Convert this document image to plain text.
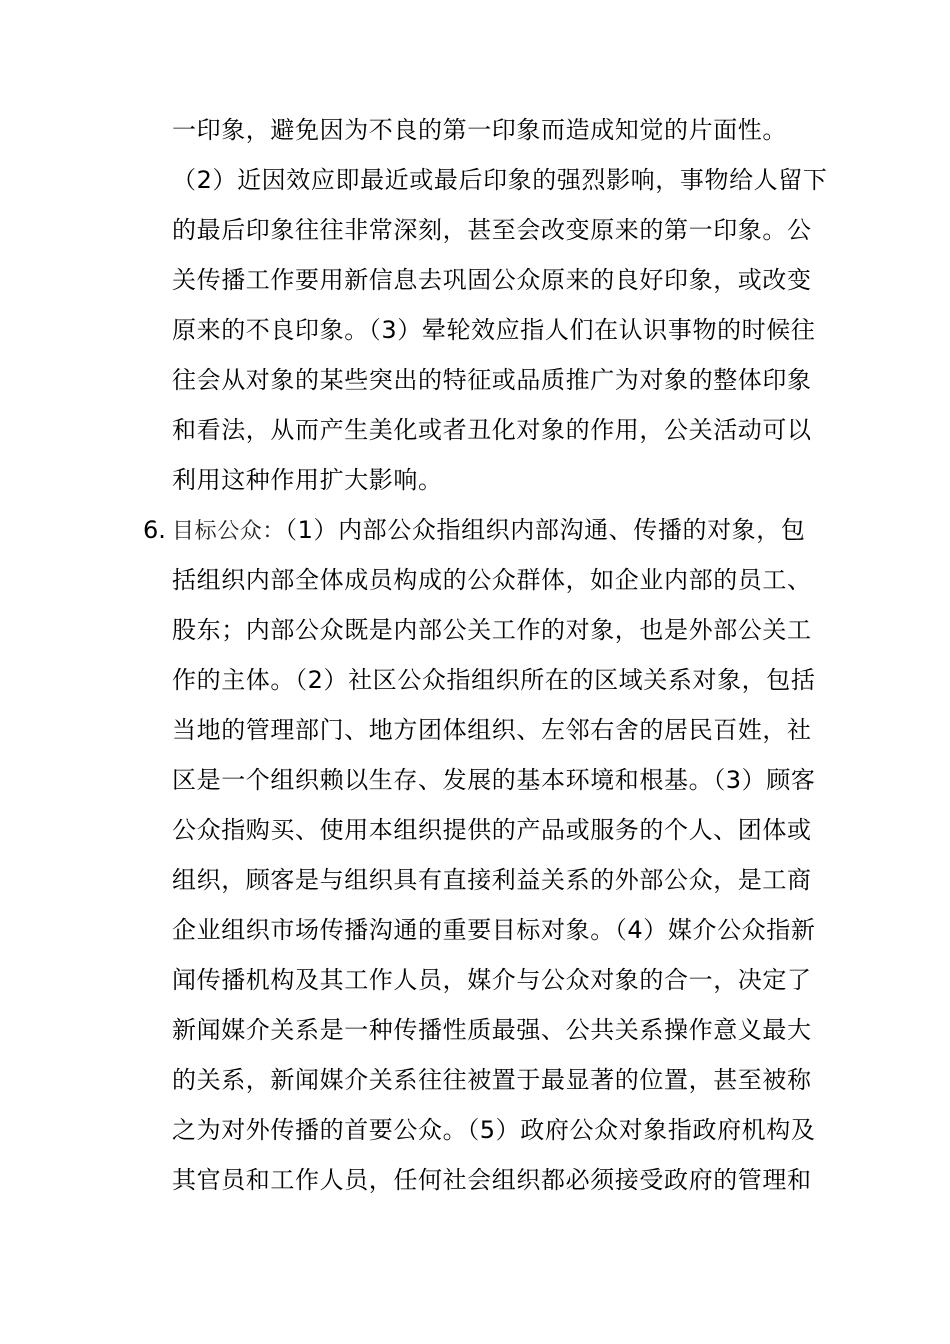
一印象，避免因为不良的第一印象而造成知觉的片面性。
（2）近因效应即最近或最后印象的强烈影响，事物给人留下
的最后印象往往非常深刻，甚至会改变原来的第一印象。公
关传播工作要用新信息去巩固公众原来的良好印象，或改变
原来的不良印象。（3）晕轮效应指人们在认识事物的时候往
往会从对象的某些突出的特征或品质推广为对象的整体印象
和看法，从而产生美化或者丑化对象的作用，公关活动可以
利用这种作用扩大影响。
6. 目标公众：（1）内部公众指组织内部沟通、传播的对象，包
括组织内部全体成员构成的公众群体，如企业内部的员工、
股东；内部公众既是内部公关工作的对象，也是外部公关工
作的主体。（2）社区公众指组织所在的区域关系对象，包括
当地的管理部门、地方团体组织、左邻右舍的居民百姓，社
区是一个组织赖以生存、发展的基本环境和根基。（3）顾客
公众指购买、使用本组织提供的产品或服务的个人、团体或
组织，顾客是与组织具有直接利益关系的外部公众，是工商
企业组织市场传播沟通的重要目标对象。（4）媒介公众指新
闻传播机构及其工作人员，媒介与公众对象的合一，决定了
新闻媒介关系是一种传播性质最强、公共关系操作意义最大
的关系，新闻媒介关系往往被置于最显著的位置，甚至被称
之为对外传播的首要公众。（5）政府公众对象指政府机构及
其官员和工作人员，任何社会组织都必须接受政府的管理和
